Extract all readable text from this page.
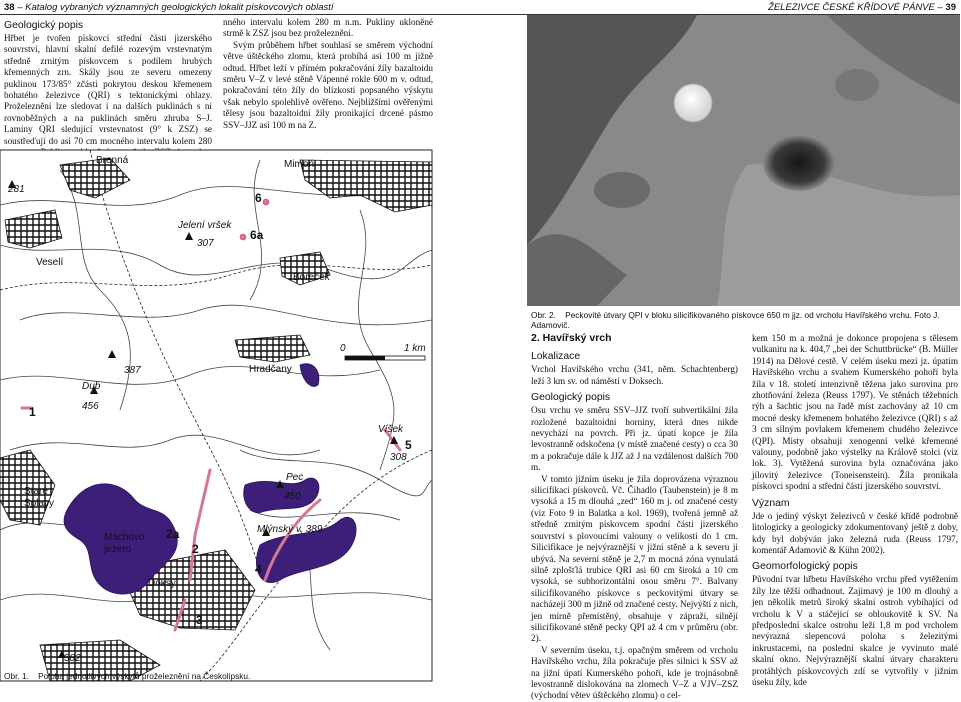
38 – Katalog vybraných významných geologických lokalit pískovcových oblastí	ŽELEZIVCE ČESKÉ KŘÍDOVÉ PÁNVE – 39
Geologický popis

Hřbet je tvořen pískovcí střední části jizerského souvrství, hlavní skalní defilé rozevým vrstevnatým středně zrnitým pískovcem s podílem hrubých křemenných zrn. Skály jsou ze severu omezeny puklinou 173/85° zčásti pokrytou deskou křemenem bohatého železivce (QRI) s tektonickými ohlazy. Proželeznění lze sledovat i na dalších puklinách s ní rovnoběžných a na puklinách směru zhruba S–J. Laminy QRI sledující vrstevnatost (9° k ZSZ) se soustřeďují do asi 70 cm mocného intervalu kolem 280

nného intervalu kolem 280 m n.m. Pukliny ukloněné strmě k ZSZ jsou bez proželeznění.

Svým průběhem hřbet souhlasí se směrem východní větve úštěckého zlomu, která probíhá asi 100 m jižně odtud. Hřbet leží v přímém pokračování žíly bazaltoidu směru V–Z v levé stěně Vápenné rokle 600 m v. odtud, pokračování této žíly do blízkosti popsaného výskytu však nebylo spolehlivě ověřeno. Nejbližšími ověřenými tělesy jsou bazaltoidní žíly pronikající drcené pásmo SSV–JJZ asi 100 m na Z.

281
Brenná	Mimoň
6
Jelení vršek
307
6a
Veselí
Boreček
0	1 km
Hradčany
387
Dub
456
1
Víšek
5
308
Pec
450
Staré
Splavy
Máchovo
jezero
2a
2
Mlýnský v. 389
4
Doksy
3
382
Obr. 1. Poloha jednotlivých výskytů proželeznění na Českolipsku.
Obr. 2. Peckovité útvary QPI v bloku silicifikovaného pískovce 650 m jjz. od vrcholu Havířského vrchu. Foto J. Adamovič.
2. Havířský vrch
Lokalizace

Vrchol Havířského vrchu (341, něm. Schachtenberg) leží 3 km sv. od náměstí v Doksech.

Geologický popis

Osu vrchu ve směru SSV–JJZ tvoří subvertikální žíla rozložené bazaltoidní horniny, která dnes nikde nevychází na povrch. Při jz. úpatí kopce je žíla levostranně odskočena (v místě značené cesty) o cca 30 m a pokračuje dále k JJZ až J na vzdálenost dalších 700 m.

V tomto jižním úseku je žíla doprovázena výraznou silicifikací pískovců. Vč. Čihadlo (Taubenstein) je 8 m vysoká a 15 m dlouhá „zed“ 160 m j. od značené cesty (viz Foto 9 in Balatka a kol. 1969), tvořená jemně až středně zrnitým pískovcem spodní části jizerského souvrství s plovoucími valouny o velikosti do 1 cm. Silicifikace je nejvýraznější v jižní stěně a k severu ji ubývá. Na severní stěně je 2,7 m mocná zóna vynulatá silně zplošťlá trubice QRI asi 60 cm široká a 10 cm vysoká, se subhorizontální osou směru 7°. Balvany silicifikovaného pískovce s peckovitými útvary se nacházejí 300 m jižně od značené cesty. Nejvýští z nich, jen mírně přemístěný, obsahuje v zápraží, silnějí silicifikované stěně pecky QPI až 4 cm v průměru (obr. 2).

V severním úseku, t.j. opačným směrem od vrcholu Havířského vrchu, žíla pokračuje přes silnici k SSV až na jižní úpatí Kumerského pohoří, kde je trojnásobně levostranně dislokována na zlomech V–Z a VJV–ZSZ (východní větev úštěckého zlomu) o cel-

kem 150 m a možná je dokonce propojena s tělesem vulkanitu na k. 404,7 „bei der Schuttbrücke“ (B. Müller 1914) na Dělové cestě. V celém úseku mezi jz. úpatím Havířského vrchu a svahem Kumerského pohoří byla žíla v 18. století intenzivně těžena jako surovina pro zhotňování železa (Reuss 1797). Ve stěnách těžebních rýh a šachtic jsou na řadě míst zachovány až 10 cm mocné desky křemenem bohatého železivce (QRI) s až 3 cm silným povlakem křemenem chudého železivce (QPI). Misty obsahují xenogenní velké křemenné valouny, podobně jako výstelky na Králově stolci (viz lok. 3). Vytěžená surovina byla označována jako jílovitý železivce (Toneisenstein). Žíla pronikala pískovci spodní a střední části jizerského souvrství.

Význam

Jde o jediný výskyt železivců v české křídě podrobně litologicky a geologicky zdokumentovaný ještě z doby, kdy byl dobýván jako železná ruda (Reuss 1797, komentář Adamovič & Kühn 2002).

Geomorfologický popis

Původní tvar hřbetu Havířského vrchu před vytěžením žíly lze těžší odhadnout. Zajímavý je 100 m dlouhý a jen několik metrů široký skalní ostroh vybíhající od vrcholu k V a stáčející se obloukovitě k SV. Na předposlední skalce ostrohu leží 1,8 m pod vrcholem nevýrazná slepencová poloha s železitými inkrustacemi, na poslední skalce je vyvinuto malé skalní okno. Nejvýraznější skalní útvary charakteru protáhlých pískovcových zdí se vytvořily v jižním úseku žíly, kde
